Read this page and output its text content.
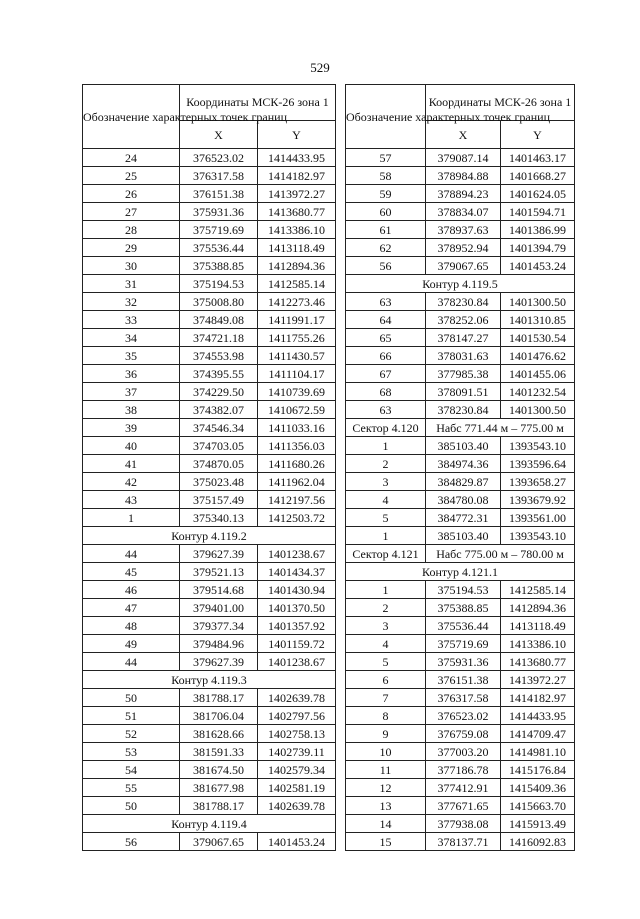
529
Обозначение характерных точек границ	Координаты МСК-26 зона 1	
	X	Y
24	376523.02	1414433.95
25	376317.58	1414182.97
26	376151.38	1413972.27
27	375931.36	1413680.77
28	375719.69	1413386.10
29	375536.44	1413118.49
30	375388.85	1412894.36
31	375194.53	1412585.14
32	375008.80	1412273.46
33	374849.08	1411991.17
34	374721.18	1411755.26
35	374553.98	1411430.57
36	374395.55	1411104.17
37	374229.50	1410739.69
38	374382.07	1410672.59
39	374546.34	1411033.16
40	374703.05	1411356.03
41	374870.05	1411680.26
42	375023.48	1411962.04
43	375157.49	1412197.56
1	375340.13	1412503.72
Контур 4.119.2		
44	379627.39	1401238.67
45	379521.13	1401434.37
46	379514.68	1401430.94
47	379401.00	1401370.50
48	379377.34	1401357.92
49	379484.96	1401159.72
44	379627.39	1401238.67
Контур 4.119.3		
50	381788.17	1402639.78
51	381706.04	1402797.56
52	381628.66	1402758.13
53	381591.33	1402739.11
54	381674.50	1402579.34
55	381677.98	1402581.19
50	381788.17	1402639.78
Контур 4.119.4		
56	379067.65	1401453.24
Обозначение характерных точек границ	Координаты МСК-26 зона 1	
	X	Y
57	379087.14	1401463.17
58	378984.88	1401668.27
59	378894.23	1401624.05
60	378834.07	1401594.71
61	378937.63	1401386.99
62	378952.94	1401394.79
56	379067.65	1401453.24
Контур 4.119.5		
63	378230.84	1401300.50
64	378252.06	1401310.85
65	378147.27	1401530.54
66	378031.63	1401476.62
67	377985.38	1401455.06
68	378091.51	1401232.54
63	378230.84	1401300.50
Сектор 4.120	Набс 771.44 м – 775.00 м	
1	385103.40	1393543.10
2	384974.36	1393596.64
3	384829.87	1393658.27
4	384780.08	1393679.92
5	384772.31	1393561.00
1	385103.40	1393543.10
Сектор 4.121	Набс 775.00 м – 780.00 м	
Контур 4.121.1		
1	375194.53	1412585.14
2	375388.85	1412894.36
3	375536.44	1413118.49
4	375719.69	1413386.10
5	375931.36	1413680.77
6	376151.38	1413972.27
7	376317.58	1414182.97
8	376523.02	1414433.95
9	376759.08	1414709.47
10	377003.20	1414981.10
11	377186.78	1415176.84
12	377412.91	1415409.36
13	377671.65	1415663.70
14	377938.08	1415913.49
15	378137.71	1416092.83
